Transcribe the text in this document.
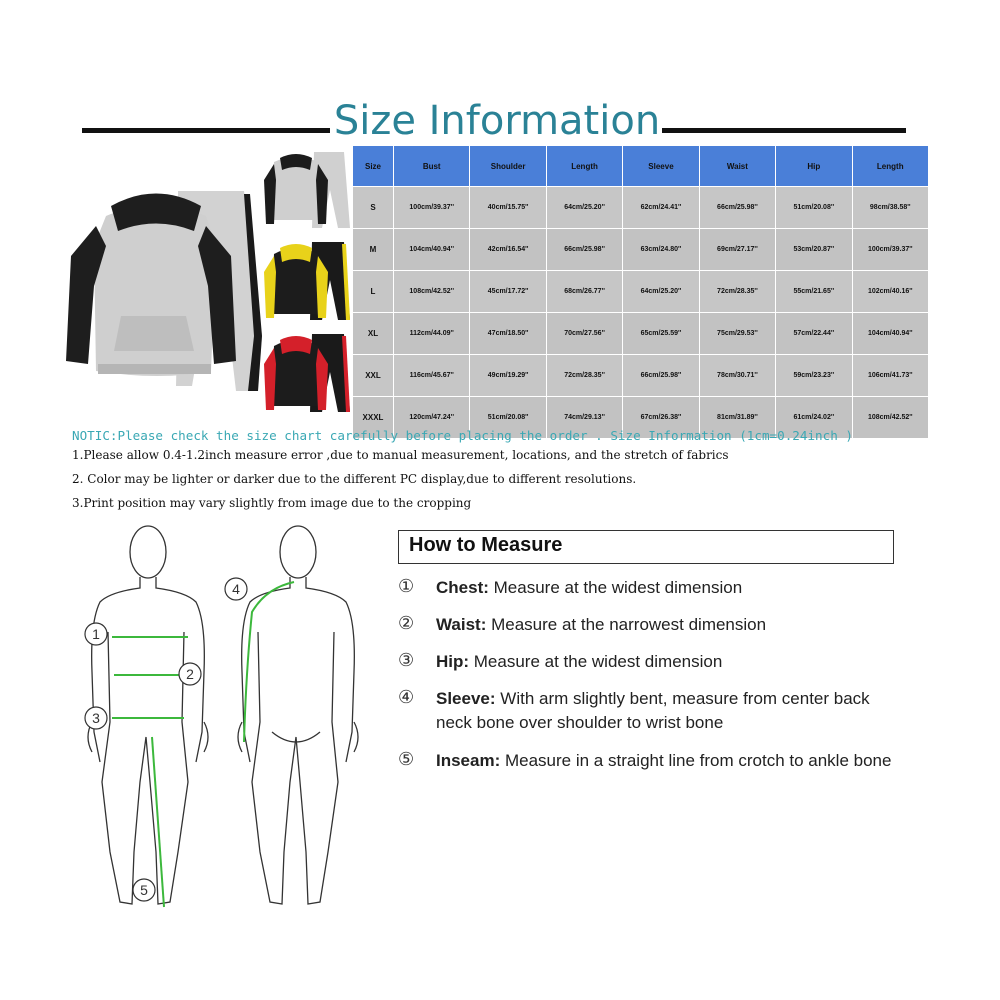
Size Information
Size	Bust	Shoulder	Length	Sleeve	Waist	Hip	Length
S	100cm/39.37''	40cm/15.75''	64cm/25.20''	62cm/24.41''	66cm/25.98''	51cm/20.08''	98cm/38.58''
M	104cm/40.94''	42cm/16.54''	66cm/25.98''	63cm/24.80''	69cm/27.17''	53cm/20.87''	100cm/39.37''
L	108cm/42.52''	45cm/17.72''	68cm/26.77''	64cm/25.20''	72cm/28.35''	55cm/21.65''	102cm/40.16''
XL	112cm/44.09''	47cm/18.50''	70cm/27.56''	65cm/25.59''	75cm/29.53''	57cm/22.44''	104cm/40.94''
XXL	116cm/45.67''	49cm/19.29''	72cm/28.35''	66cm/25.98''	78cm/30.71''	59cm/23.23''	106cm/41.73''
XXXL	120cm/47.24''	51cm/20.08''	74cm/29.13''	67cm/26.38''	81cm/31.89''	61cm/24.02''	108cm/42.52''
NOTIC:Please check the size chart carefully before placing the order . Size Information (1cm=0.24inch )
1.Please allow 0.4-1.2inch measure error ,due to manual measurement, locations, and the stretch of fabrics
2. Color may be lighter or darker due to the different PC display,due to different resolutions.
3.Print position may vary slightly from image due to the cropping
1
2
3
5
4
How to Measure
①	Chest: Measure at the widest dimension
②	Waist: Measure at the narrowest dimension
③	Hip: Measure at the widest dimension
④	Sleeve: With arm slightly bent, measure from center back neck bone over shoulder to wrist bone
⑤	Inseam: Measure in a straight line from crotch to ankle bone
